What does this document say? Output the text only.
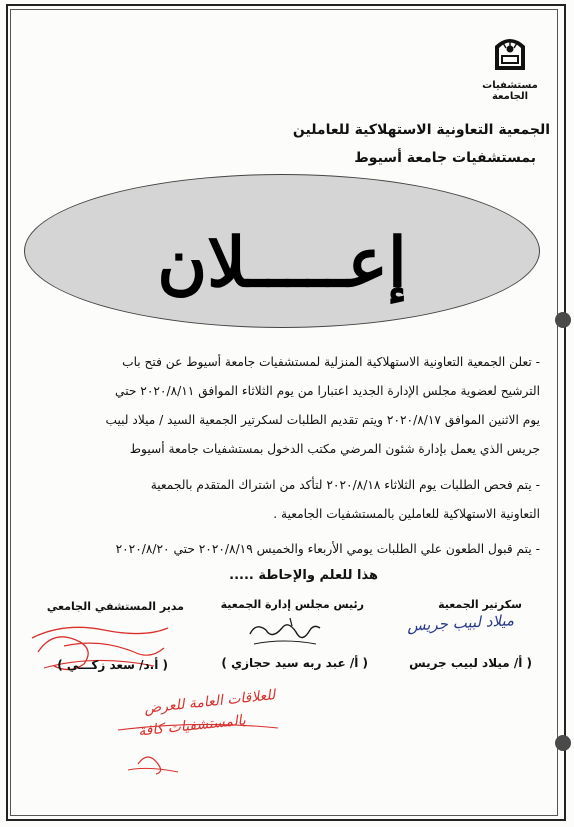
مستشفيات الجامعة
الجمعية التعاونية الاستهلاكية للعاملين
بمستشفيات جامعة أسيوط
إعـــــلان
- تعلن الجمعية التعاونية الاستهلاكية المنزلية لمستشفيات جامعة أسيوط عن فتح باب
الترشيح لعضوية مجلس الإدارة الجديد اعتبارا من يوم الثلاثاء الموافق ٢٠٢٠/٨/١١ حتي
يوم الاثنين الموافق ٢٠٢٠/٨/١٧ ويتم تقديم الطلبات لسكرتير الجمعية السيد / ميلاد لبيب
جريس الذي يعمل بإدارة شئون المرضي مكتب الدخول بمستشفيات جامعة أسيوط
- يتم فحص الطلبات يوم الثلاثاء ٢٠٢٠/٨/١٨ لتأكد من اشتراك المتقدم بالجمعية
التعاونية الاستهلاكية للعاملين بالمستشفيات الجامعية .
- يتم قبول الطعون علي الطلبات يومي الأربعاء والخميس ٢٠٢٠/٨/١٩ حتي ٢٠٢٠/٨/٢٠
هذا للعلم والإحاطة .....
سكرتير الجمعية
رئيس مجلس إدارة الجمعية
مدير المستشفي الجامعي
ميلاد لبيب جريس
( أ/ ميلاد لبيب جريس
( أ/ عبد ربه سيد حجازي )
( أ.د/ سعد زكـــي )
للعلاقات العامة للعرض
بالمستشفيات كافة
